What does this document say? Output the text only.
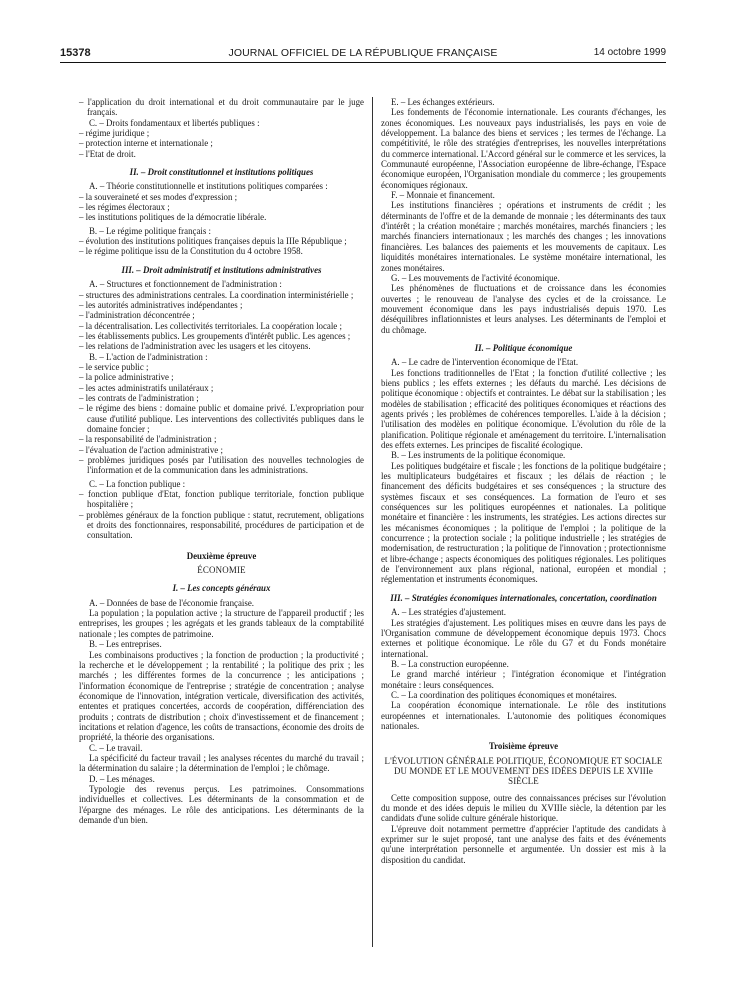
15378	JOURNAL OFFICIEL DE LA RÉPUBLIQUE FRANÇAISE	14 octobre 1999

– l'application du droit international et du droit communautaire par le juge français.

C. – Droits fondamentaux et libertés publiques :

– régime juridique ;

– protection interne et internationale ;

– l'Etat de droit.

II. – Droit constitutionnel et institutions politiques

A. – Théorie constitutionnelle et institutions politiques comparées :

– la souveraineté et ses modes d'expression ;

– les régimes électoraux ;

– les institutions politiques de la démocratie libérale.

B. – Le régime politique français :

– évolution des institutions politiques françaises depuis la IIIe République ;

– le régime politique issu de la Constitution du 4 octobre 1958.

III. – Droit administratif et institutions administratives

A. – Structures et fonctionnement de l'administration :

– structures des administrations centrales. La coordination interministérielle ;

– les autorités administratives indépendantes ;

– l'administration déconcentrée ;

– la décentralisation. Les collectivités territoriales. La coopération locale ;

– les établissements publics. Les groupements d'intérêt public. Les agences ;

– les relations de l'administration avec les usagers et les citoyens.

B. – L'action de l'administration :

– le service public ;

– la police administrative ;

– les actes administratifs unilatéraux ;

– les contrats de l'administration ;

– le régime des biens : domaine public et domaine privé. L'expropriation pour cause d'utilité publique. Les interventions des collectivités publiques dans le domaine foncier ;

– la responsabilité de l'administration ;

– l'évaluation de l'action administrative ;

– problèmes juridiques posés par l'utilisation des nouvelles technologies de l'information et de la communication dans les administrations.

C. – La fonction publique :

– fonction publique d'Etat, fonction publique territoriale, fonction publique hospitalière ;

– problèmes généraux de la fonction publique : statut, recrutement, obligations et droits des fonctionnaires, responsabilité, procédures de participation et de consultation.

Deuxième épreuve

ÉCONOMIE

I. – Les concepts généraux

A. – Données de base de l'économie française.

La population ; la population active ; la structure de l'appareil productif ; les entreprises, les groupes ; les agrégats et les grands tableaux de la comptabilité nationale ; les comptes de patrimoine.

B. – Les entreprises.

Les combinaisons productives ; la fonction de production ; la productivité ; la recherche et le développement ; la rentabilité ; la politique des prix ; les marchés ; les différentes formes de la concurrence ; les anticipations ; l'information économique de l'entreprise ; stratégie de concentration ; analyse économique de l'innovation, intégration verticale, diversification des activités, ententes et pratiques concertées, accords de coopération, différenciation des produits ; contrats de distribution ; choix d'investissement et de financement ; incitations et relation d'agence, les coûts de transactions, économie des droits de propriété, la théorie des organisations.

C. – Le travail.

La spécificité du facteur travail ; les analyses récentes du marché du travail ; la détermination du salaire ; la détermination de l'emploi ; le chômage.

D. – Les ménages.

Typologie des revenus perçus. Les patrimoines. Consommations individuelles et collectives. Les déterminants de la consommation et de l'épargne des ménages. Le rôle des anticipations. Les déterminants de la demande d'un bien.

E. – Les échanges extérieurs.

Les fondements de l'économie internationale. Les courants d'échanges, les zones économiques. Les nouveaux pays industrialisés, les pays en voie de développement. La balance des biens et services ; les termes de l'échange. La compétitivité, le rôle des stratégies d'entreprises, les nouvelles interprétations du commerce international. L'Accord général sur le commerce et les services, la Communauté européenne, l'Association européenne de libre-échange, l'Espace économique européen, l'Organisation mondiale du commerce ; les groupements économiques régionaux.

F. – Monnaie et financement.

Les institutions financières ; opérations et instruments de crédit ; les déterminants de l'offre et de la demande de monnaie ; les déterminants des taux d'intérêt ; la création monétaire ; marchés monétaires, marchés financiers ; les marchés financiers internationaux ; les marchés des changes ; les innovations financières. Les balances des paiements et les mouvements de capitaux. Les liquidités monétaires internationales. Le système monétaire international, les zones monétaires.

G. – Les mouvements de l'activité économique.

Les phénomènes de fluctuations et de croissance dans les économies ouvertes ; le renouveau de l'analyse des cycles et de la croissance. Le mouvement économique dans les pays industrialisés depuis 1970. Les déséquilibres inflationnistes et leurs analyses. Les déterminants de l'emploi et du chômage.

II. – Politique économique

A. – Le cadre de l'intervention économique de l'Etat.

Les fonctions traditionnelles de l'Etat ; la fonction d'utilité collective ; les biens publics ; les effets externes ; les défauts du marché. Les décisions de politique économique : objectifs et contraintes. Le débat sur la stabilisation ; les modèles de stabilisation ; efficacité des politiques économiques et réactions des agents privés ; les problèmes de cohérences temporelles. L'aide à la décision ; l'utilisation des modèles en politique économique. L'évolution du rôle de la planification. Politique régionale et aménagement du territoire. L'internalisation des effets externes. Les principes de fiscalité écologique.

B. – Les instruments de la politique économique.

Les politiques budgétaire et fiscale ; les fonctions de la politique budgétaire ; les multiplicateurs budgétaires et fiscaux ; les délais de réaction ; le financement des déficits budgétaires et ses conséquences ; la structure des systèmes fiscaux et ses conséquences. La formation de l'euro et ses conséquences sur les politiques européennes et nationales. La politique monétaire et financière : les instruments, les stratégies. Les actions directes sur les mécanismes économiques ; la politique de l'emploi ; la politique de la concurrence ; la protection sociale ; la politique industrielle ; les stratégies de modernisation, de restructuration ; la politique de l'innovation ; protectionnisme et libre-échange ; aspects économiques des politiques régionales. Les politiques de l'environnement aux plans régional, national, européen et mondial ; réglementation et instruments économiques.

III. – Stratégies économiques internationales, concertation, coordination

A. – Les stratégies d'ajustement.

Les stratégies d'ajustement. Les politiques mises en œuvre dans les pays de l'Organisation commune de développement économique depuis 1973. Chocs externes et politique économique. Le rôle du G7 et du Fonds monétaire international.

B. – La construction européenne.

Le grand marché intérieur ; l'intégration économique et l'intégration monétaire : leurs conséquences.

C. – La coordination des politiques économiques et monétaires.

La coopération économique internationale. Le rôle des institutions européennes et internationales. L'autonomie des politiques économiques nationales.

Troisième épreuve

L'ÉVOLUTION GÉNÉRALE POLITIQUE, ÉCONOMIQUE ET SOCIALE DU MONDE ET LE MOUVEMENT DES IDÉES DEPUIS LE XVIIIe SIÈCLE

Cette composition suppose, outre des connaissances précises sur l'évolution du monde et des idées depuis le milieu du XVIIIe siècle, la détention par les candidats d'une solide culture générale historique.

L'épreuve doit notamment permettre d'apprécier l'aptitude des candidats à exprimer sur le sujet proposé, tant une analyse des faits et des événements qu'une interprétation personnelle et argumentée. Un dossier est mis à la disposition du candidat.
